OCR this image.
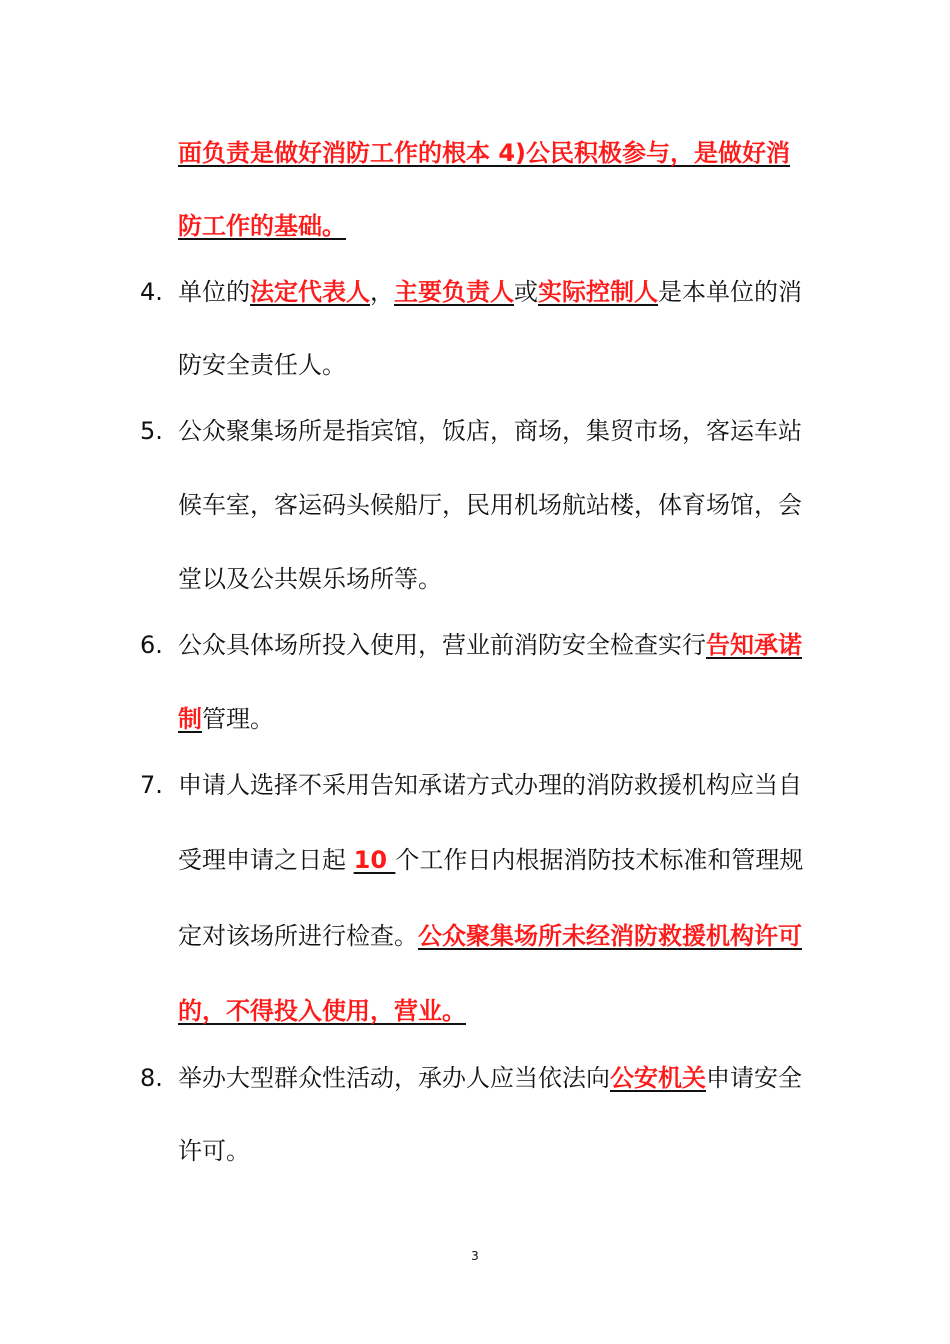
面负责是做好消防工作的根本 4)公民积极参与，是做好消
防工作的基础。
4. 单位的法定代表人，主要负责人或实际控制人是本单位的消
防安全责任人。
5. 公众聚集场所是指宾馆，饭店，商场，集贸市场，客运车站
候车室，客运码头候船厅，民用机场航站楼，体育场馆，会
堂以及公共娱乐场所等。
6. 公众具体场所投入使用，营业前消防安全检查实行告知承诺
制管理。
7. 申请人选择不采用告知承诺方式办理的消防救援机构应当自
受理申请之日起 10 个工作日内根据消防技术标准和管理规
定对该场所进行检查。公众聚集场所未经消防救援机构许可
的，不得投入使用，营业。
8. 举办大型群众性活动，承办人应当依法向公安机关申请安全
许可。
3
